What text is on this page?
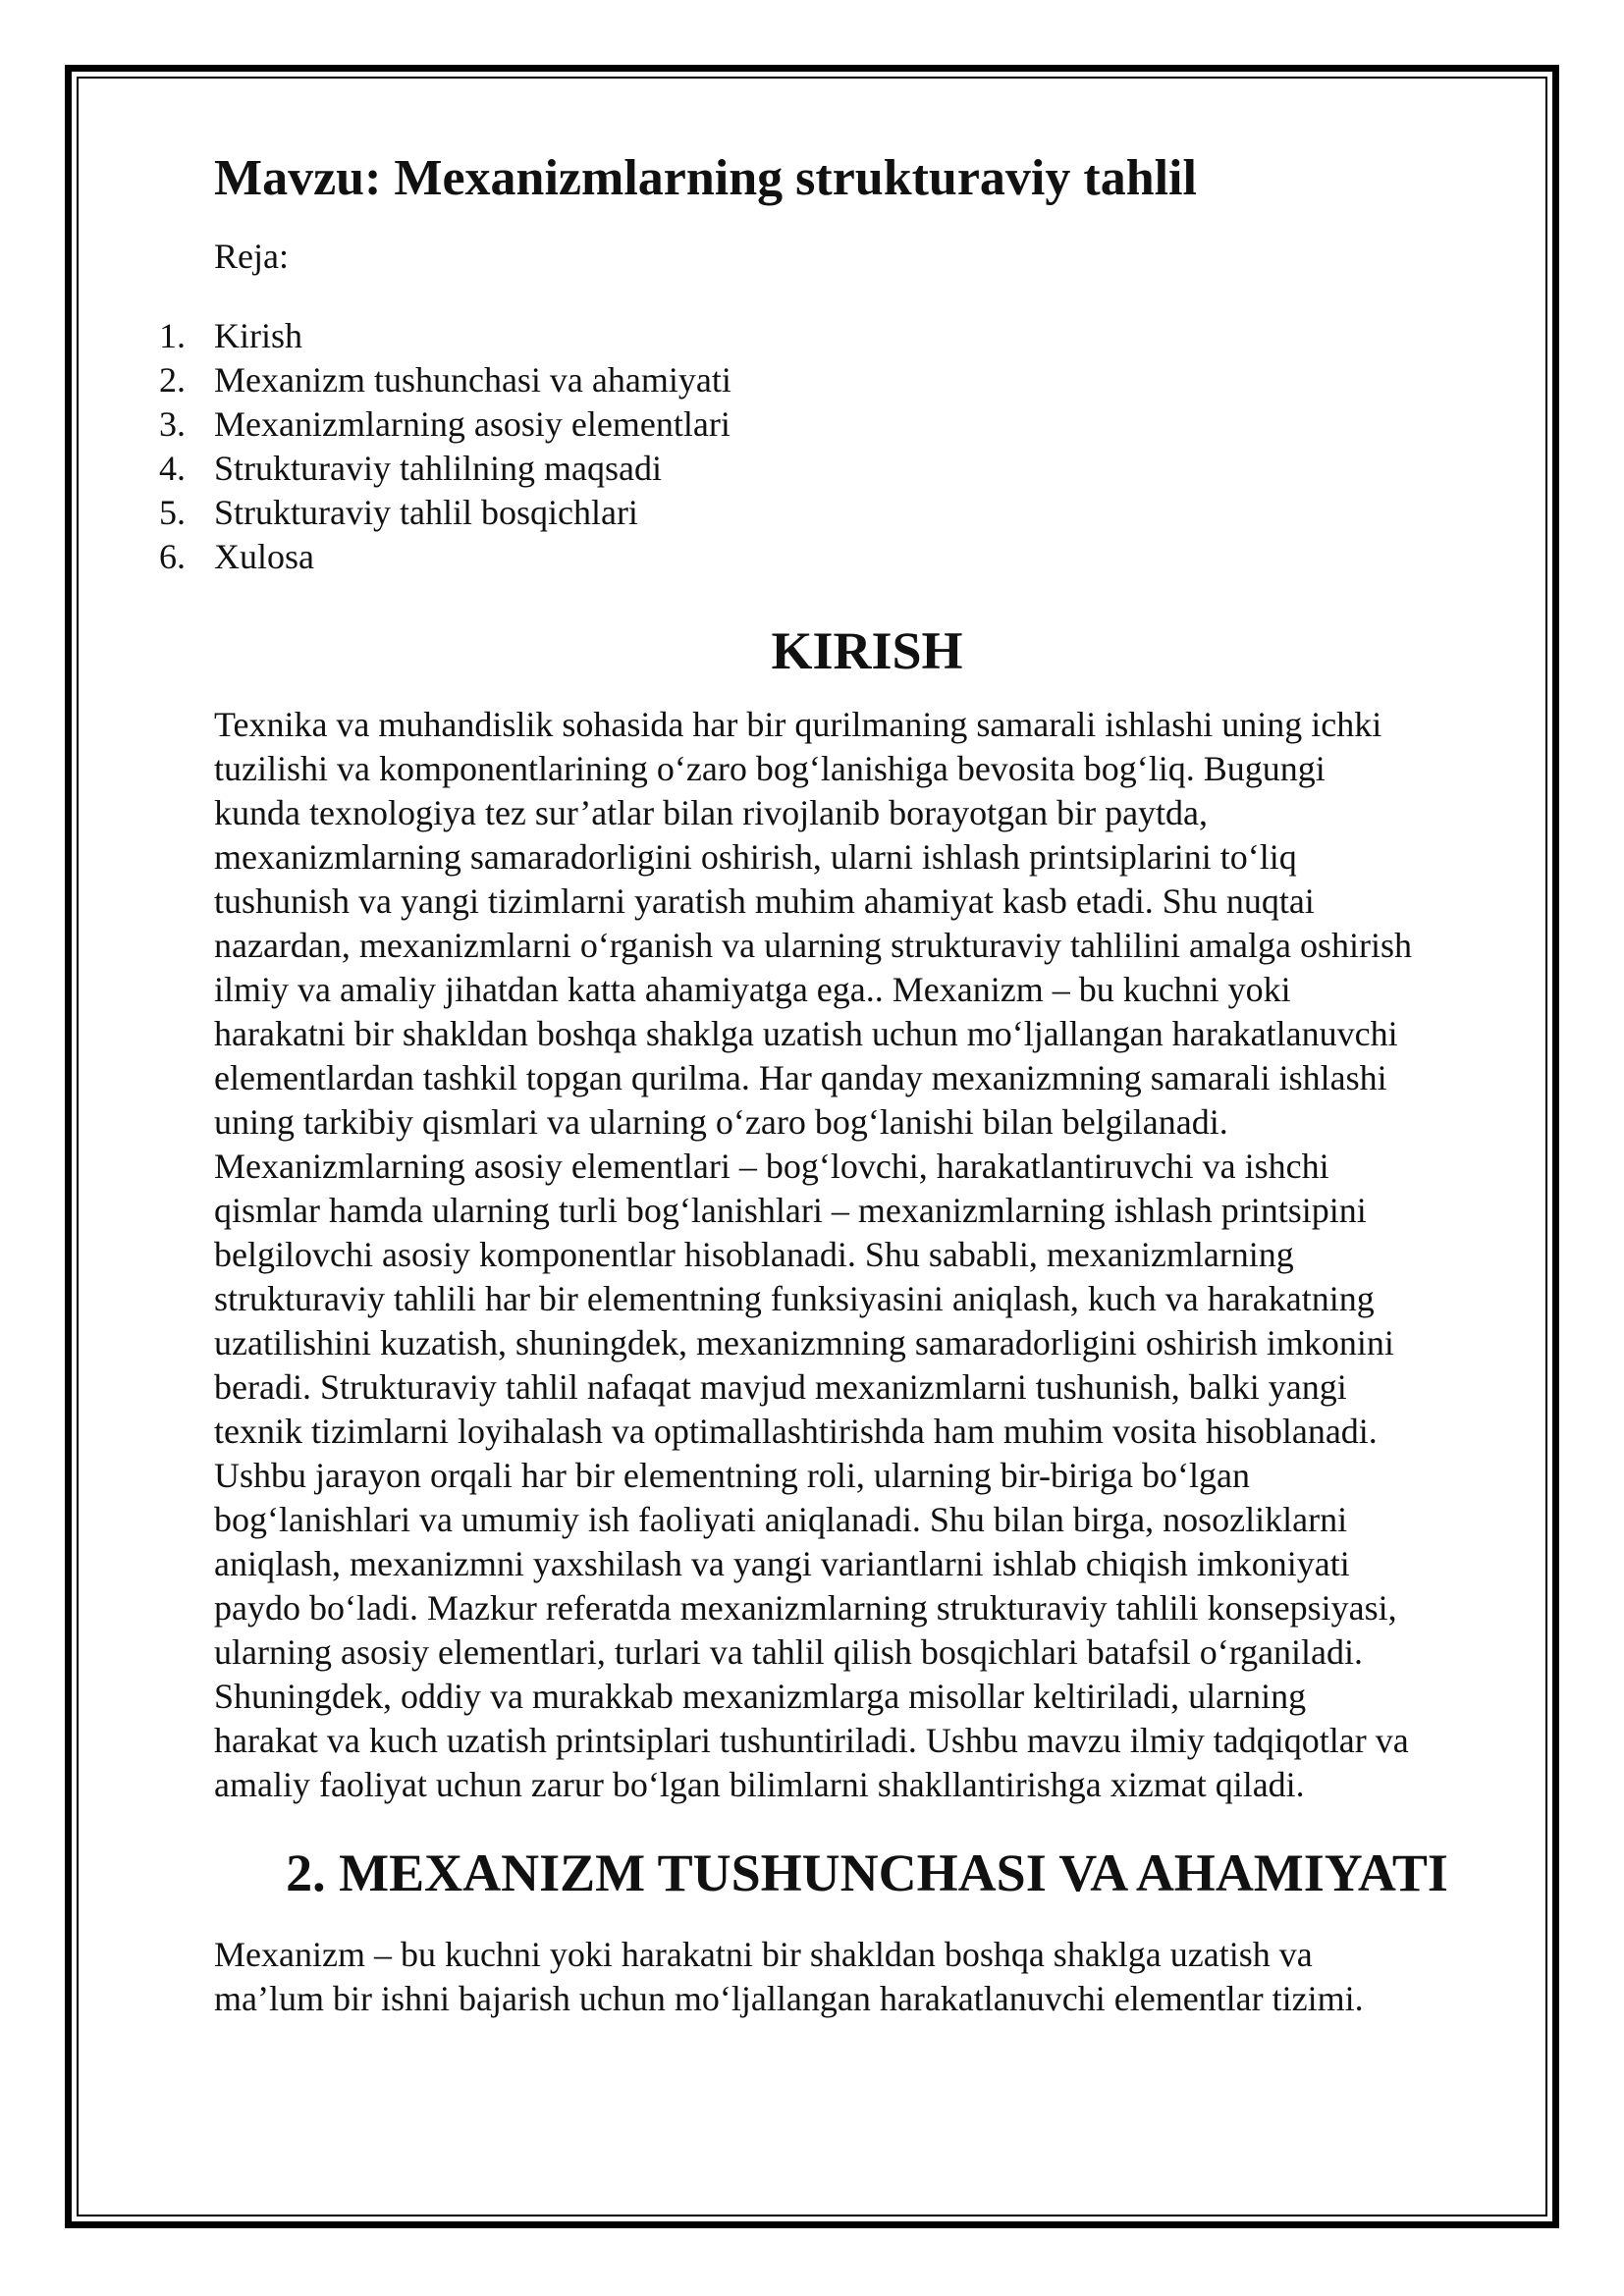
Mavzu: Mexanizmlarning strukturaviy tahlil

Reja:

1. Kirish
2. Mexanizm tushunchasi va ahamiyati
3. Mexanizmlarning asosiy elementlari
4. Strukturaviy tahlilning maqsadi
5. Strukturaviy tahlil bosqichlari
6. Xulosa
KIRISH
Texnika va muhandislik sohasida har bir qurilmaning samarali ishlashi uning ichki
tuzilishi va komponentlarining o‘zaro bog‘lanishiga bevosita bog‘liq. Bugungi
kunda texnologiya tez sur’atlar bilan rivojlanib borayotgan bir paytda,
mexanizmlarning samaradorligini oshirish, ularni ishlash printsiplarini to‘liq
tushunish va yangi tizimlarni yaratish muhim ahamiyat kasb etadi. Shu nuqtai
nazardan, mexanizmlarni o‘rganish va ularning strukturaviy tahlilini amalga oshirish
ilmiy va amaliy jihatdan katta ahamiyatga ega.. Mexanizm – bu kuchni yoki
harakatni bir shakldan boshqa shaklga uzatish uchun mo‘ljallangan harakatlanuvchi
elementlardan tashkil topgan qurilma. Har qanday mexanizmning samarali ishlashi
uning tarkibiy qismlari va ularning o‘zaro bog‘lanishi bilan belgilanadi.
Mexanizmlarning asosiy elementlari – bog‘lovchi, harakatlantiruvchi va ishchi
qismlar hamda ularning turli bog‘lanishlari – mexanizmlarning ishlash printsipini
belgilovchi asosiy komponentlar hisoblanadi. Shu sababli, mexanizmlarning
strukturaviy tahlili har bir elementning funksiyasini aniqlash, kuch va harakatning
uzatilishini kuzatish, shuningdek, mexanizmning samaradorligini oshirish imkonini
beradi. Strukturaviy tahlil nafaqat mavjud mexanizmlarni tushunish, balki yangi
texnik tizimlarni loyihalash va optimallashtirishda ham muhim vosita hisoblanadi.
Ushbu jarayon orqali har bir elementning roli, ularning bir-biriga bo‘lgan
bog‘lanishlari va umumiy ish faoliyati aniqlanadi. Shu bilan birga, nosozliklarni
aniqlash, mexanizmni yaxshilash va yangi variantlarni ishlab chiqish imkoniyati
paydo bo‘ladi. Mazkur referatda mexanizmlarning strukturaviy tahlili konsepsiyasi,
ularning asosiy elementlari, turlari va tahlil qilish bosqichlari batafsil o‘rganiladi.
Shuningdek, oddiy va murakkab mexanizmlarga misollar keltiriladi, ularning
harakat va kuch uzatish printsiplari tushuntiriladi. Ushbu mavzu ilmiy tadqiqotlar va
amaliy faoliyat uchun zarur bo‘lgan bilimlarni shakllantirishga xizmat qiladi.
2. MEXANIZM TUSHUNCHASI VA AHAMIYATI
Mexanizm – bu kuchni yoki harakatni bir shakldan boshqa shaklga uzatish va
ma’lum bir ishni bajarish uchun mo‘ljallangan harakatlanuvchi elementlar tizimi.
